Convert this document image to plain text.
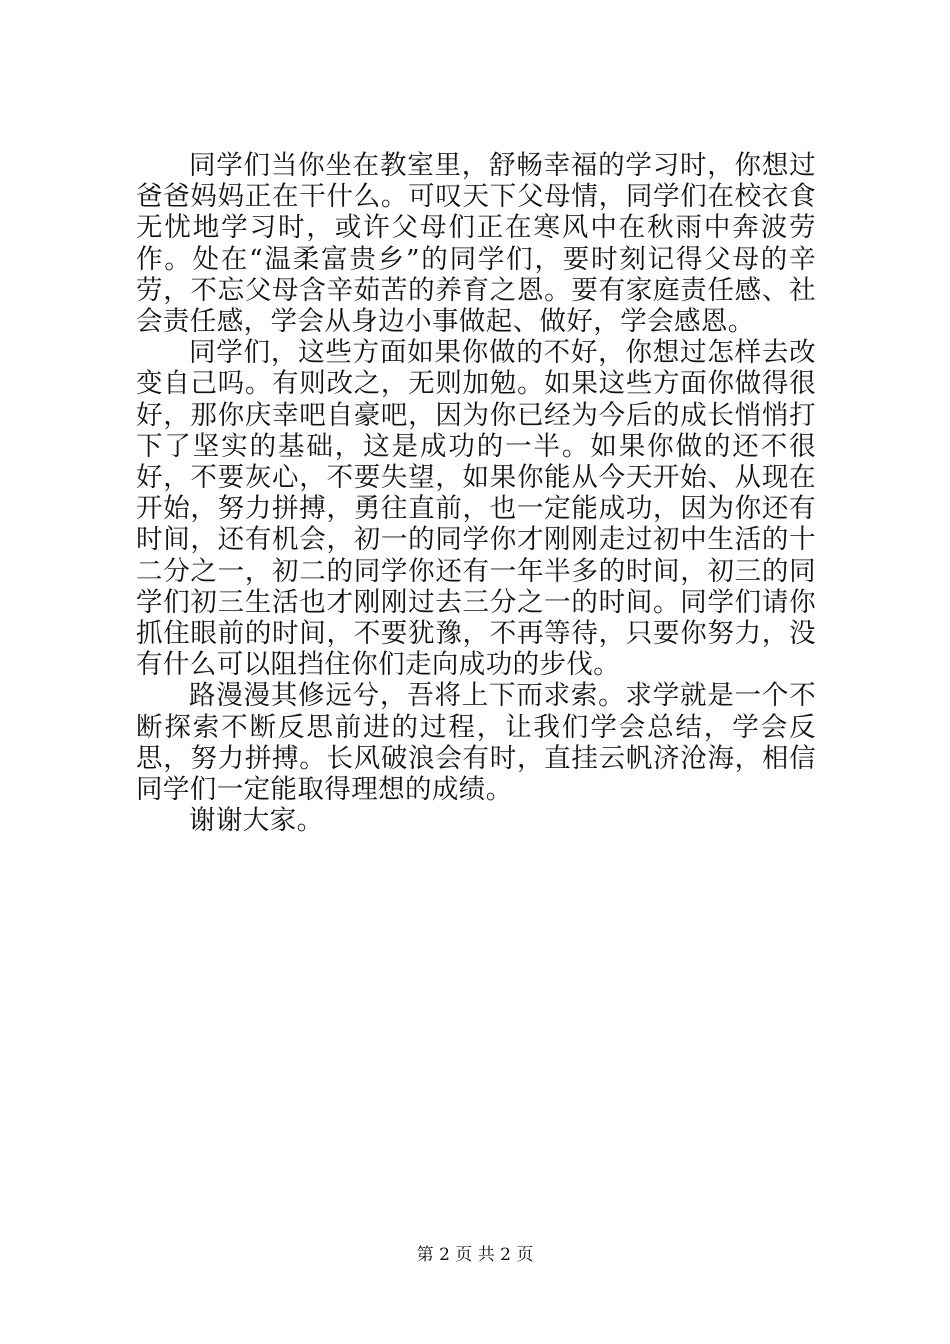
同学们当你坐在教室里，舒畅幸福的学习时，你想过爸爸妈妈正在干什么。可叹天下父母情，同学们在校衣食无忧地学习时，或许父母们正在寒风中在秋雨中奔波劳作。处在“温柔富贵乡”的同学们，要时刻记得父母的辛劳，不忘父母含辛茹苦的养育之恩。要有家庭责任感、社会责任感，学会从身边小事做起、做好，学会感恩。

同学们，这些方面如果你做的不好，你想过怎样去改变自己吗。有则改之，无则加勉。如果这些方面你做得很好，那你庆幸吧自豪吧，因为你已经为今后的成长悄悄打下了坚实的基础，这是成功的一半。如果你做的还不很好，不要灰心，不要失望，如果你能从今天开始、从现在开始，努力拼搏，勇往直前，也一定能成功，因为你还有时间，还有机会，初一的同学你才刚刚走过初中生活的十二分之一，初二的同学你还有一年半多的时间，初三的同学们初三生活也才刚刚过去三分之一的时间。同学们请你抓住眼前的时间，不要犹豫，不再等待，只要你努力，没有什么可以阻挡住你们走向成功的步伐。

路漫漫其修远兮，吾将上下而求索。求学就是一个不断探索不断反思前进的过程，让我们学会总结，学会反思，努力拼搏。长风破浪会有时，直挂云帆济沧海，相信同学们一定能取得理想的成绩。

谢谢大家。

第 2 页 共 2 页
